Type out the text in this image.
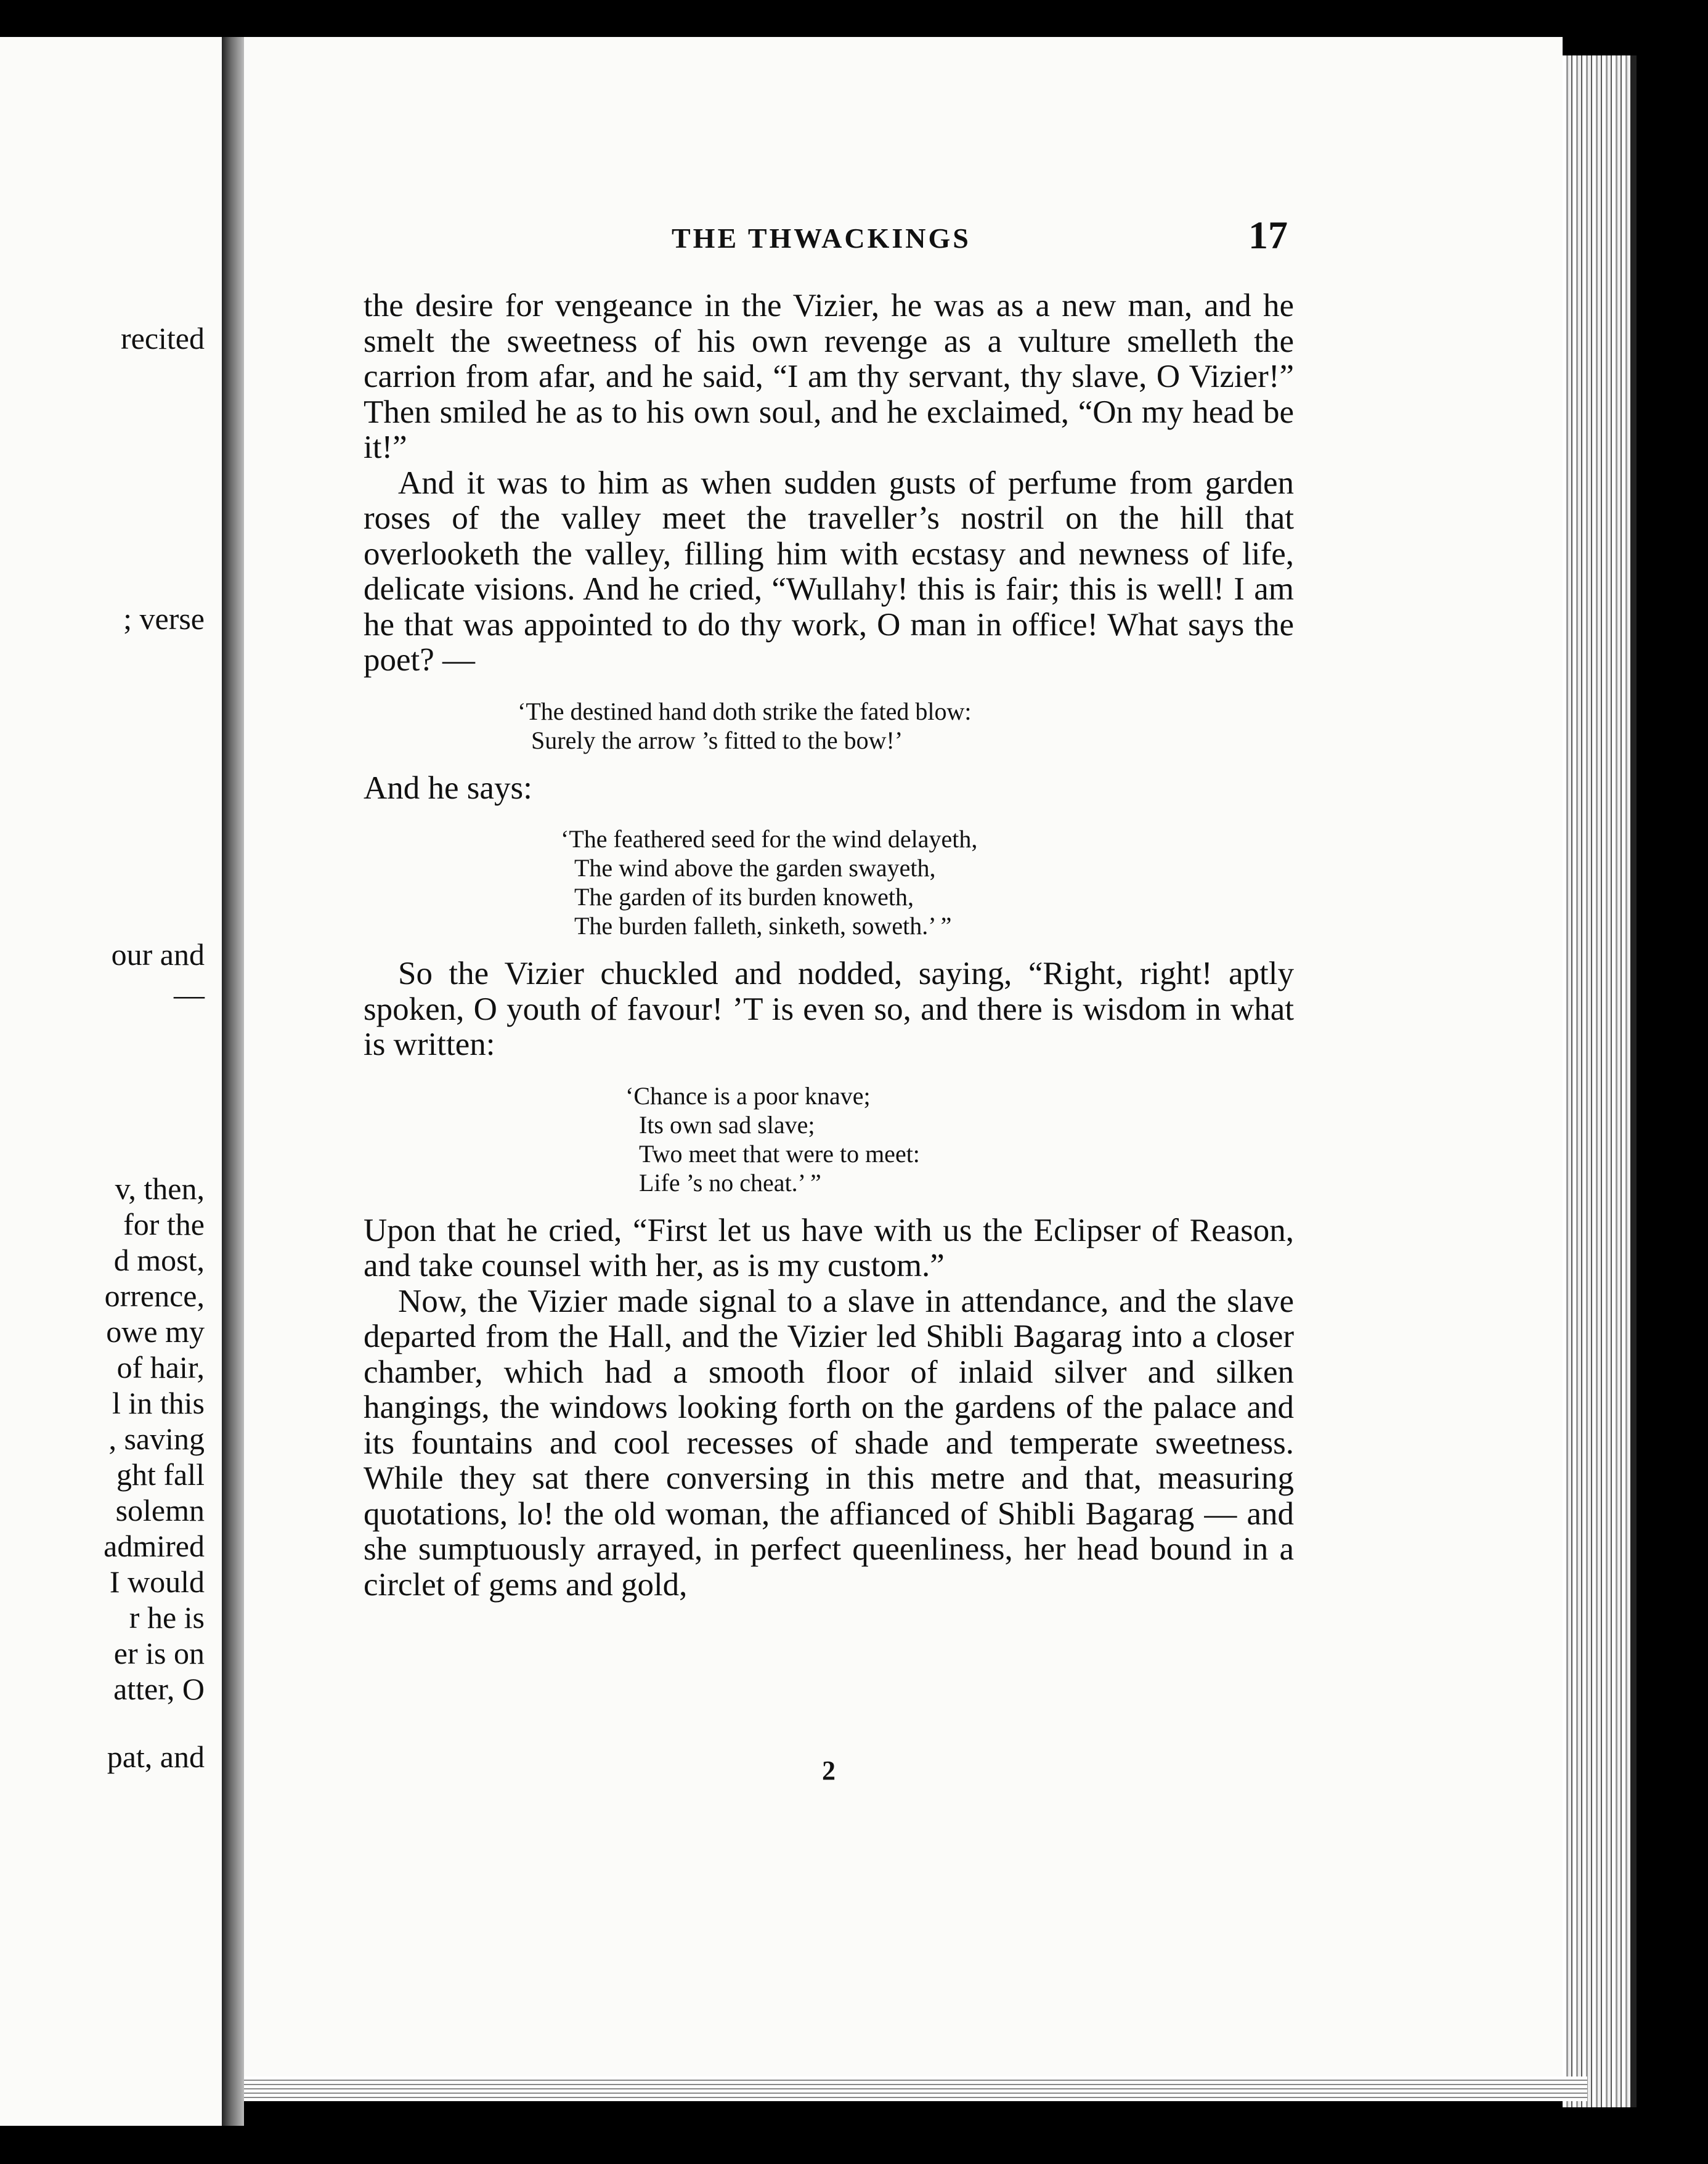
recited
; verse
our and
—
v, then,
for the
d most,
orrence,
owe my
of hair,
l in this
, saving
ght fall
solemn
admired
I would
r he is
er is on
atter, O
pat, and
THE THWACKINGS	17

the desire for vengeance in the Vizier, he was as a new man, and he smelt the sweetness of his own revenge as a vulture smelleth the carrion from afar, and he said, “I am thy servant, thy slave, O Vizier!” Then smiled he as to his own soul, and he exclaimed, “On my head be it!”

And it was to him as when sudden gusts of perfume from garden roses of the valley meet the traveller’s nostril on the hill that overlooketh the valley, filling him with ecstasy and newness of life, delicate visions. And he cried, “Wullahy! this is fair; this is well! I am he that was appointed to do thy work, O man in office! What says the poet? —

‘The destined hand doth strike the fated blow:
Surely the arrow ’s fitted to the bow!’

And he says:

‘The feathered seed for the wind delayeth,
The wind above the garden swayeth,
The garden of its burden knoweth,
The burden falleth, sinketh, soweth.’ ”

So the Vizier chuckled and nodded, saying, “Right, right! aptly spoken, O youth of favour! ’T is even so, and there is wisdom in what is written:

‘Chance is a poor knave;
Its own sad slave;
Two meet that were to meet:
Life ’s no cheat.’ ”

Upon that he cried, “First let us have with us the Eclipser of Reason, and take counsel with her, as is my custom.”

Now, the Vizier made signal to a slave in attendance, and the slave departed from the Hall, and the Vizier led Shibli Bagarag into a closer chamber, which had a smooth floor of inlaid silver and silken hangings, the windows looking forth on the gardens of the palace and its fountains and cool recesses of shade and temperate sweetness. While they sat there conversing in this metre and that, measuring quotations, lo! the old woman, the affianced of Shibli Bagarag — and she sumptuously arrayed, in perfect queenliness, her head bound in a circlet of gems and gold,

2
